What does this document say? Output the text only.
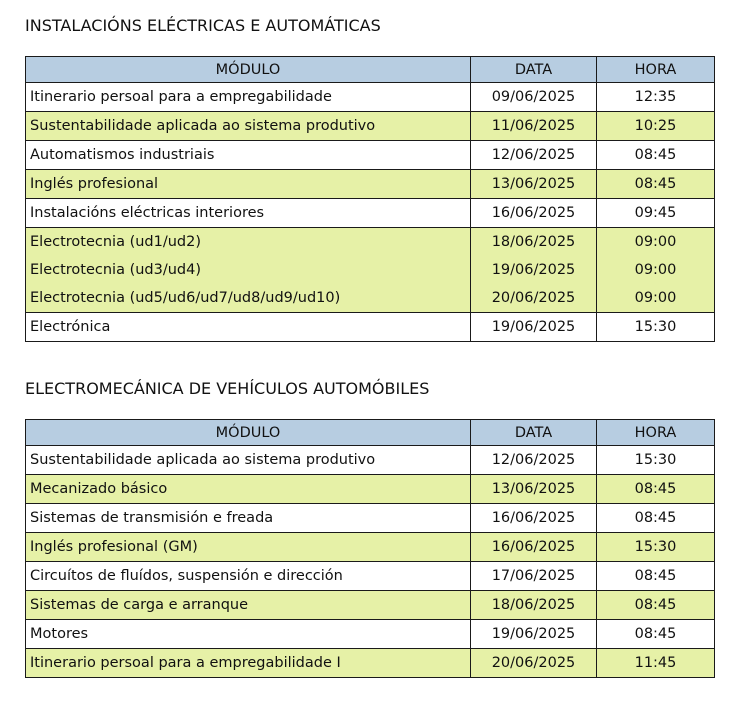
INSTALACIÓNS ELÉCTRICAS E AUTOMÁTICAS
MÓDULO	DATA	HORA
Itinerario persoal para a empregabilidade	09/06/2025	12:35
Sustentabilidade aplicada ao sistema produtivo	11/06/2025	10:25
Automatismos industriais	12/06/2025	08:45
Inglés profesional	13/06/2025	08:45
Instalacións eléctricas interiores	16/06/2025	09:45
Electrotecnia (ud1/ud2)	18/06/2025	09:00
Electrotecnia (ud3/ud4)	19/06/2025	09:00
Electrotecnia (ud5/ud6/ud7/ud8/ud9/ud10)	20/06/2025	09:00
Electrónica	19/06/2025	15:30
ELECTROMECÁNICA DE VEHÍCULOS AUTOMÓBILES
MÓDULO	DATA	HORA
Sustentabilidade aplicada ao sistema produtivo	12/06/2025	15:30
Mecanizado básico	13/06/2025	08:45
Sistemas de transmisión e freada	16/06/2025	08:45
Inglés profesional (GM)	16/06/2025	15:30
Circuítos de fluídos, suspensión e dirección	17/06/2025	08:45
Sistemas de carga e arranque	18/06/2025	08:45
Motores	19/06/2025	08:45
Itinerario persoal para a empregabilidade I	20/06/2025	11:45
